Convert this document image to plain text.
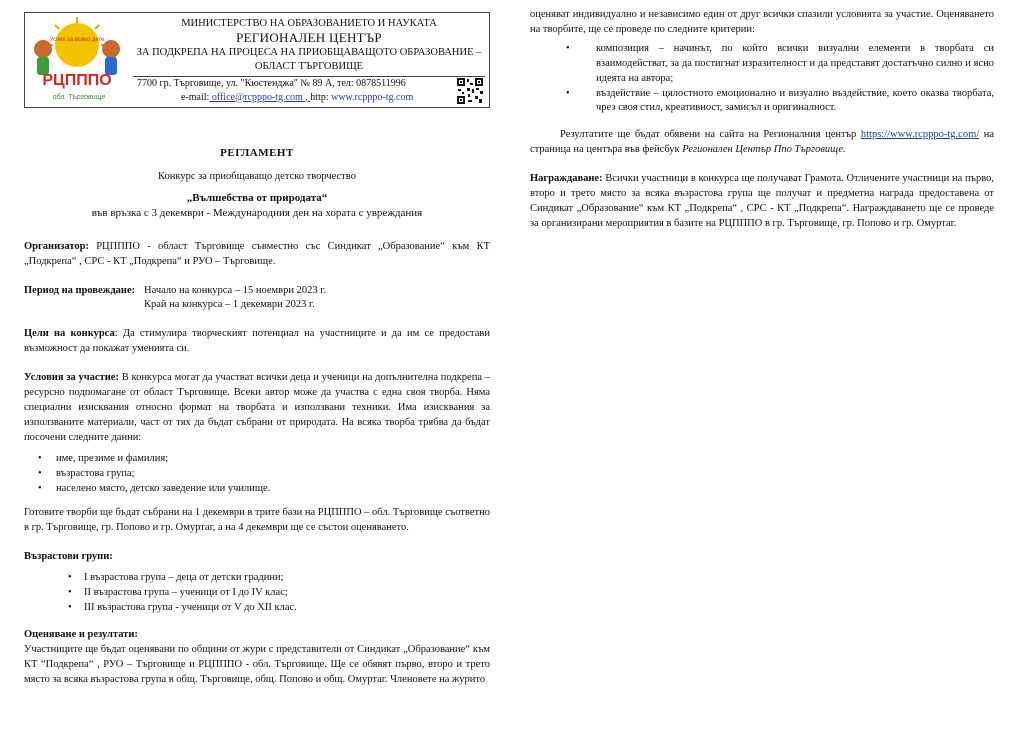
Успех за всяко дете
РЦПППО
обл. Търговище
МИНИСТЕРСТВО НА ОБРАЗОВАНИЕТО И НАУКАТА
РЕГИОНАЛЕН ЦЕНТЪР
ЗА ПОДКРЕПА НА ПРОЦЕСА НА ПРИОБЩАВАЩОТО ОБРАЗОВАНИЕ –
ОБЛАСТ ТЪРГОВИЩЕ
7700 гр. Търговище, ул. "Кюстенджа" № 89 А, тел: 0878511996
e-mail: office@rcpppo-tg.com , http: www.rcpppo-tg.com
РЕГЛАМЕНТ
Конкурс за приобщаващо детско творчество
„Вълшебства от природата“
във връзка с 3 декември - Международния ден на хората с увреждания

Организатор: РЦПППО - област Търговище съвместно със Синдикат „Образование“ към КТ „Подкрепа“ , СРС - КТ „Подкрепа“ и РУО – Търговище.

Период на провеждане: Начало на конкурса – 15 ноември 2023 г.
Край на конкурса – 1 декември 2023 г.

Цели на конкурса: Да стимулира творческият потенциал на участниците и да им се предостави възможност да покажат уменията си.

Условия за участие: В конкурса могат да участват всички деца и ученици на допълнителна подкрепа – ресурсно подпомагане от област Търговище. Всеки автор може да участва с една своя творба. Няма специални изисквания относно формат на творбата и използвани техники. Има изисквания за използваните материали, част от тях да бъдат събрани от природата. На всяка творба трябва да бъдат посочени следните данни:

• име, презиме и фамилия;
• възрастова група;
• населено място, детско заведение или училище.

Готовите творби ще бъдат събрани на 1 декември в трите бази на РЦПППО – обл. Търговище съответно в гр. Търговище, гр. Попово и гр. Омуртаг, а на 4 декември ще се състои оценяването.

Възрастови групи:
• I възрастова група – деца от детски градини;
• II възрастова група – ученици от I до IV клас;
• III възрастова група - ученици от V до XII клас.
Оценяване и резултати:

Участниците ще бъдат оценявани по общини от жури с представители от Синдикат „Образование“ към КТ “Подкрепа“ , РУО – Търговище и РЦПППО - обл. Търговище. Ще се обявят първо, второ и трето място за всяка възрастова група в общ. Търговище, общ. Попово и общ. Омуртаг. Членовете на журито

оценяват индивидуално и независимо един от друг всички спазили условията за участие. Оценяването на творбите, ще се проведе по следните критерии:

• композиция – начинът, по който всички визуални елементи в творбата си взаимодействат, за да постигнат изразителност и да представят достатъчно силно и ясно идеята на автора;
• въздействие – цялостното емоционално и визуално въздействие, което оказва творбата, чрез своя стил, креативност, замисъл и оригиналност.

Резултатите ще бъдат обявени на сайта на Регионалния център https://www.rcpppo-tg.com/ на страница на центъра във фейсбук Регионален Център Ппо Търговище.

Награждаване: Всички участници в конкурса ще получават Грамота. Отличените участници на първо, второ и трето място за всяка възрастова група ще получат и предметна награда предоставена от Синдикат „Образование“ към КТ „Подкрепа“ , СРС - КТ „Подкрепа“. Награждаването ще се проведе за организирани мероприятия в базите на РЦПППО в гр. Търговище, гр. Попово и гр. Омуртаг.
